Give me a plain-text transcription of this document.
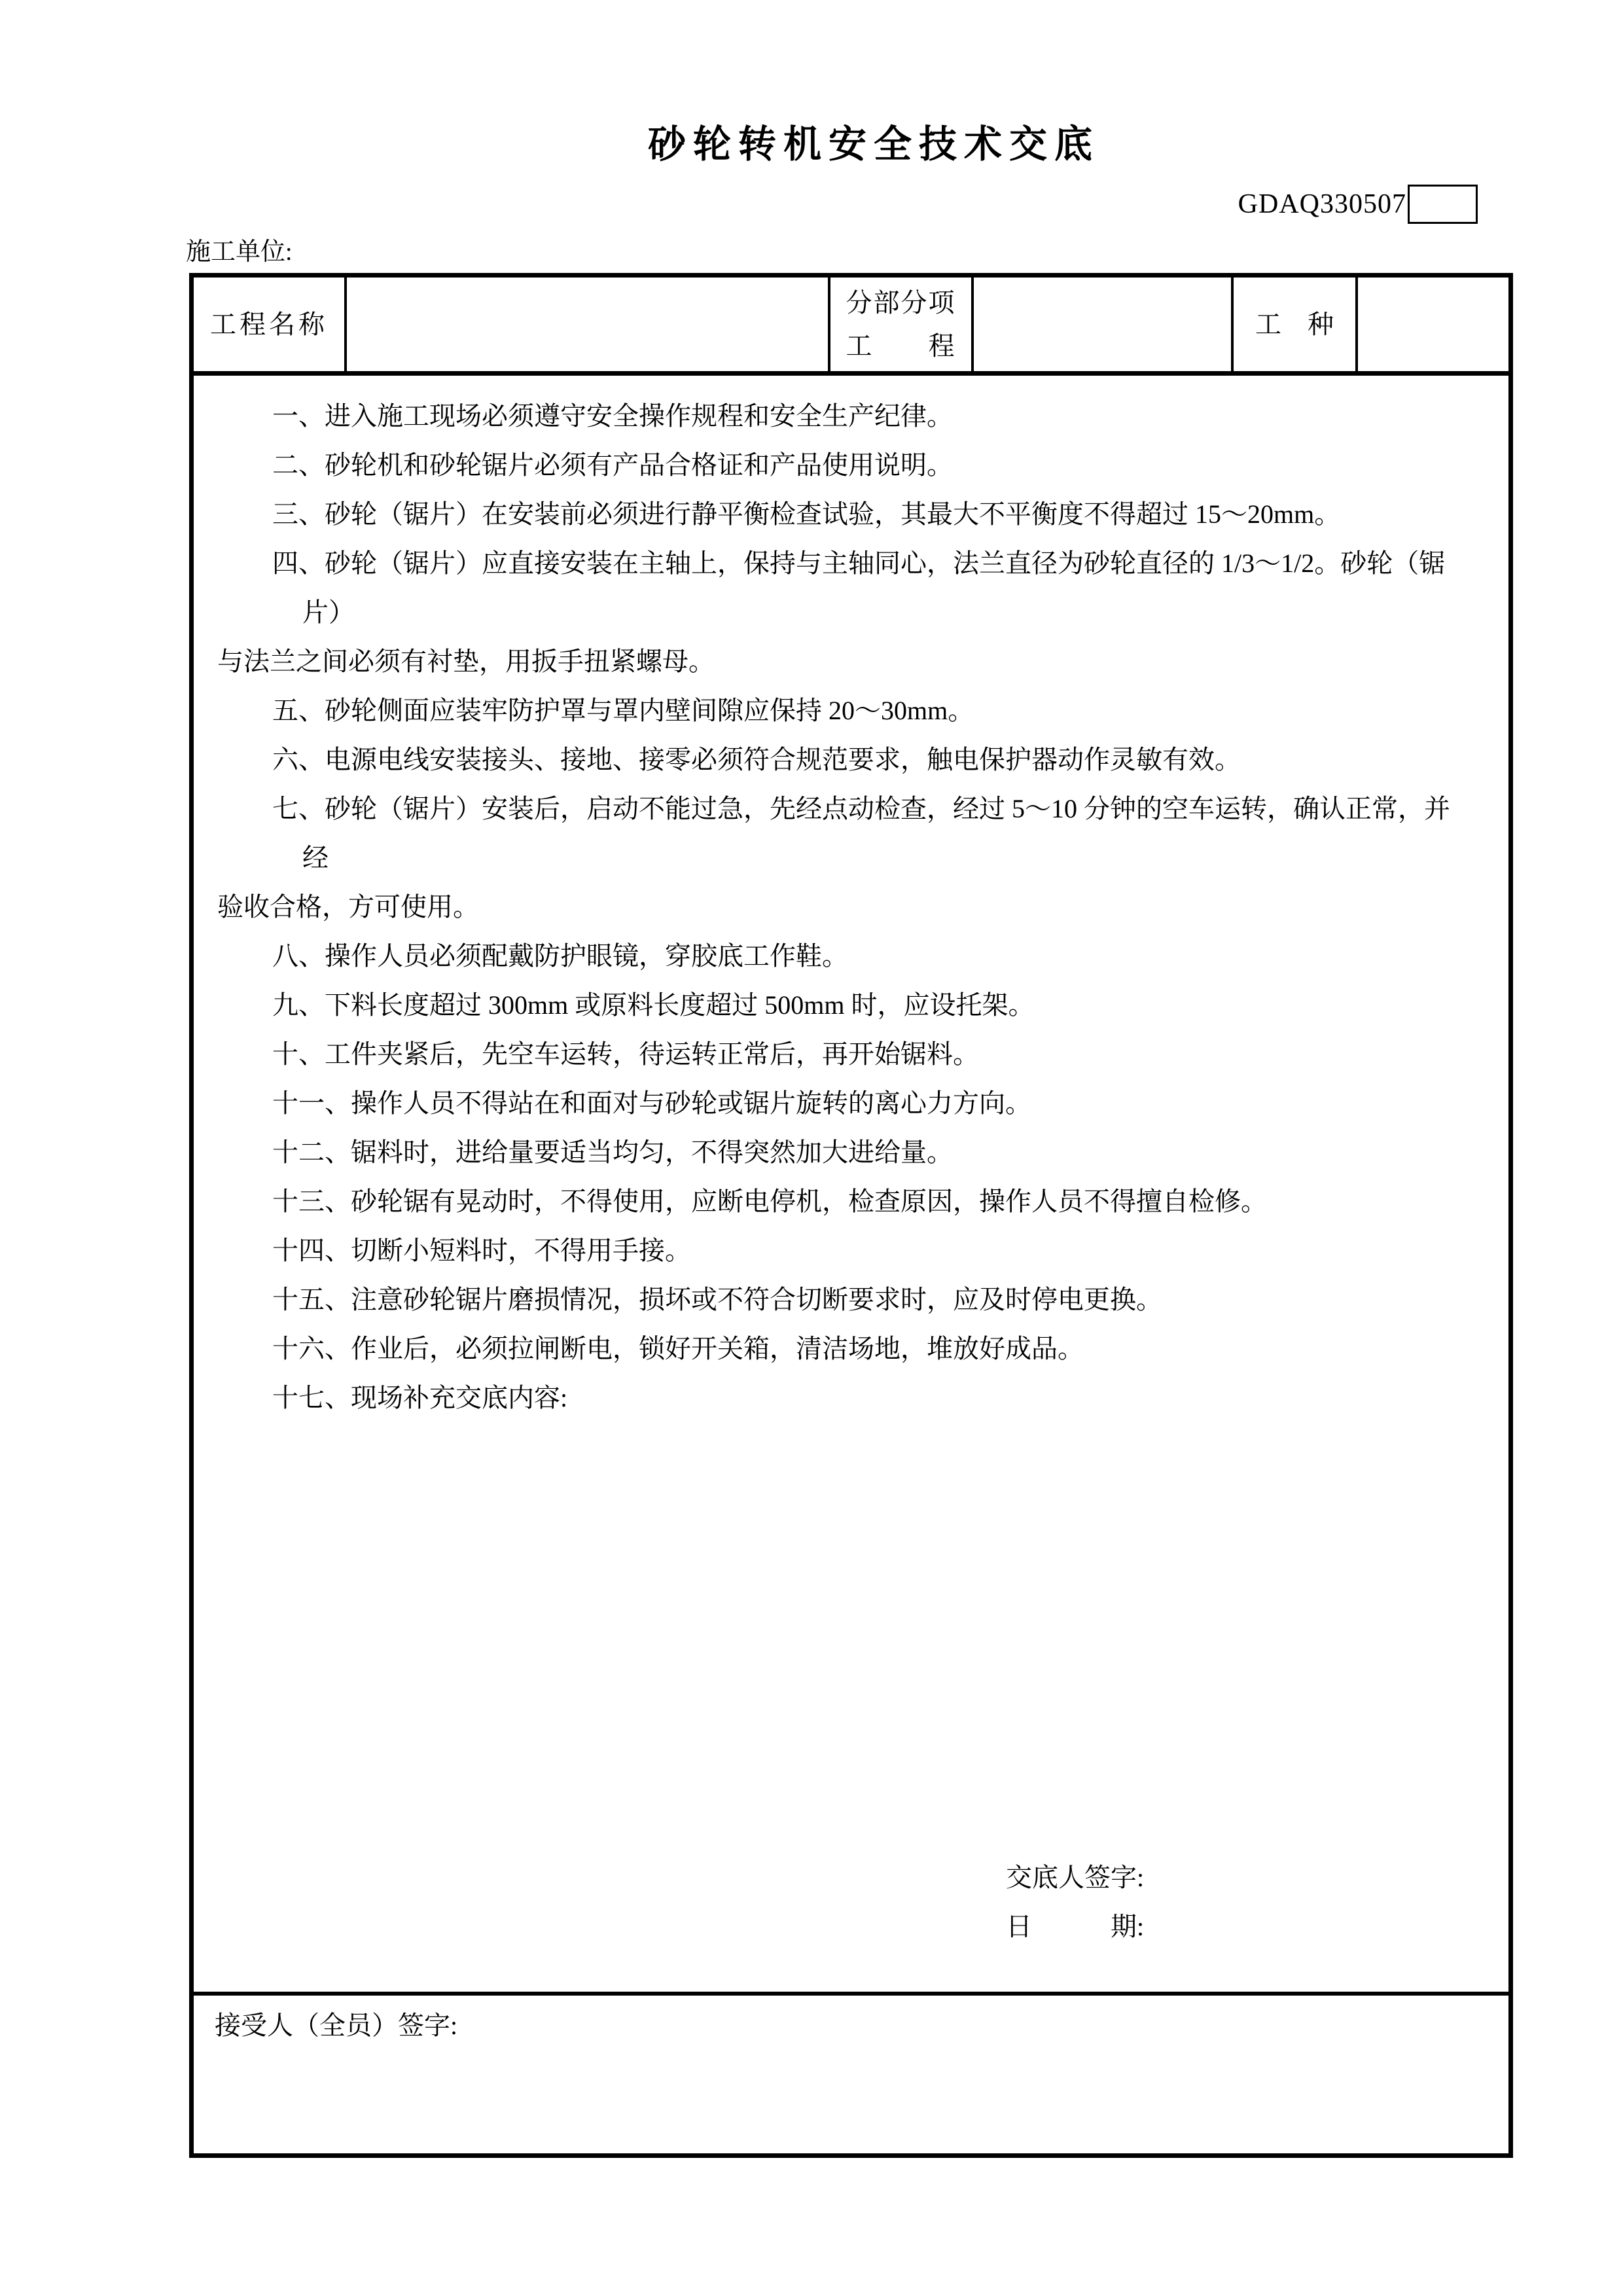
砂轮转机安全技术交底
GDAQ330507
施工单位:
工程名称
分部分项
工　　程
工　种
一、进入施工现场必须遵守安全操作规程和安全生产纪律。
二、砂轮机和砂轮锯片必须有产品合格证和产品使用说明。
三、砂轮（锯片）在安装前必须进行静平衡检查试验，其最大不平衡度不得超过 15～20mm。
四、砂轮（锯片）应直接安装在主轴上，保持与主轴同心，法兰直径为砂轮直径的 1/3～1/2。砂轮（锯
片）
与法兰之间必须有衬垫，用扳手扭紧螺母。
五、砂轮侧面应装牢防护罩与罩内壁间隙应保持 20～30mm。
六、电源电线安装接头、接地、接零必须符合规范要求，触电保护器动作灵敏有效。
七、砂轮（锯片）安装后，启动不能过急，先经点动检查，经过 5～10 分钟的空车运转，确认正常，并
经
验收合格，方可使用。
八、操作人员必须配戴防护眼镜，穿胶底工作鞋。
九、下料长度超过 300mm 或原料长度超过 500mm 时，应设托架。
十、工件夹紧后，先空车运转，待运转正常后，再开始锯料。
十一、操作人员不得站在和面对与砂轮或锯片旋转的离心力方向。
十二、锯料时，进给量要适当均匀，不得突然加大进给量。
十三、砂轮锯有晃动时，不得使用，应断电停机，检查原因，操作人员不得擅自检修。
十四、切断小短料时，不得用手接。
十五、注意砂轮锯片磨损情况，损坏或不符合切断要求时，应及时停电更换。
十六、作业后，必须拉闸断电，锁好开关箱，清洁场地，堆放好成品。
十七、现场补充交底内容:
交底人签字:
日　　　期:
接受人（全员）签字:
